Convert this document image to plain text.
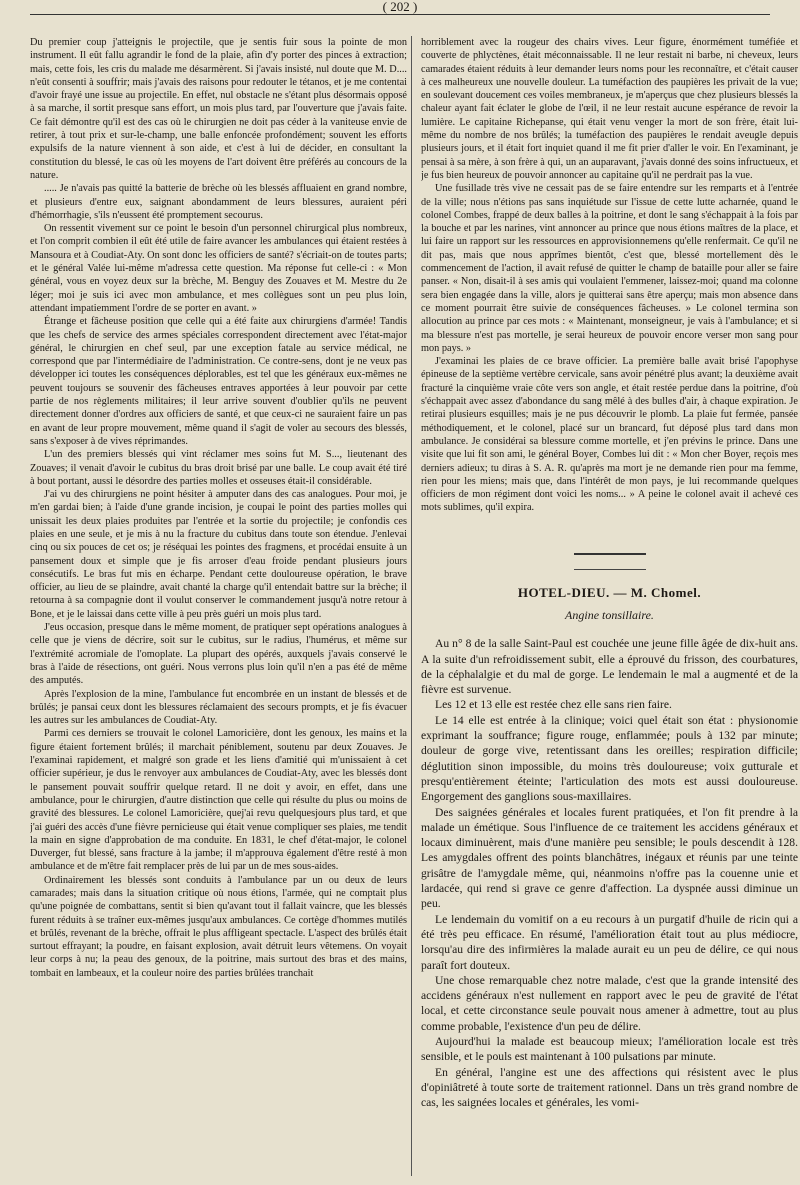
( 202 )

Du premier coup j'atteignis le projectile, que je sentis fuir sous la pointe de mon instrument. Il eût fallu agrandir le fond de la plaie, afin d'y porter des pinces à extraction; mais, cette fois, les cris du malade me désarmèrent. Si j'avais insisté, nul doute que M. D.... n'eût consenti à souffrir; mais j'avais des raisons pour redouter le tétanos, et je me contentai d'avoir frayé une issue au projectile. En effet, nul obstacle ne s'étant plus désormais opposé à sa marche, il sortit presque sans effort, un mois plus tard, par l'ouverture que j'avais faite. Ce fait démontre qu'il est des cas où le chirurgien ne doit pas céder à la vaniteuse envie de retirer, à tout prix et sur-le-champ, une balle enfoncée profondément; souvent les efforts expulsifs de la nature viennent à son aide, et c'est à lui de décider, en consultant la constitution du blessé, le cas où les moyens de l'art doivent être préférés au concours de la nature.

..... Je n'avais pas quitté la batterie de brèche où les blessés affluaient en grand nombre, et plusieurs d'entre eux, saignant abondamment de leurs blessures, auraient péri d'hémorrhagie, s'ils n'eussent été promptement secourus.

On ressentit vivement sur ce point le besoin d'un personnel chirurgical plus nombreux, et l'on comprit combien il eût été utile de faire avancer les ambulances qui étaient restées à Mansoura et à Coudiat-Aty. On sont donc les officiers de santé? s'écriait-on de toutes parts; et le général Valée lui-même m'adressa cette question. Ma réponse fut celle-ci : « Mon général, vous en voyez deux sur la brèche, M. Benguy des Zouaves et M. Mestre du 2e léger; moi je suis ici avec mon ambulance, et mes collègues sont un peu plus loin, attendant impatiemment l'ordre de se porter en avant. »

Étrange et fâcheuse position que celle qui a été faite aux chirurgiens d'armée! Tandis que les chefs de service des armes spéciales correspondent directement avec l'état-major général, le chirurgien en chef seul, par une exception fatale au service médical, ne correspond que par l'intermédiaire de l'administration. Ce contre-sens, dont je ne veux pas développer ici toutes les conséquences déplorables, est tel que les généraux eux-mêmes ne peuvent toujours se souvenir des fâcheuses entraves apportées à leur pouvoir par cette partie de nos règlements militaires; il leur arrive souvent d'oublier qu'ils ne peuvent directement donner d'ordres aux officiers de santé, et que ceux-ci ne sauraient faire un pas en avant de leur propre mouvement, même quand il s'agit de voler au secours des blessés, sans s'exposer à de vives réprimandes.

L'un des premiers blessés qui vint réclamer mes soins fut M. S..., lieutenant des Zouaves; il venait d'avoir le cubitus du bras droit brisé par une balle. Le coup avait été tiré à bout portant, aussi le désordre des parties molles et osseuses était-il considérable.

J'ai vu des chirurgiens ne point hésiter à amputer dans des cas analogues. Pour moi, je m'en gardai bien; à l'aide d'une grande incision, je coupai le point des parties molles qui unissait les deux plaies produites par l'entrée et la sortie du projectile; je confondis ces plaies en une seule, et je mis à nu la fracture du cubitus dans toute son étendue. J'enlevai cinq ou six pouces de cet os; je réséquai les pointes des fragmens, et procédai ensuite à un pansement doux et simple que je fis arroser d'eau froide pendant plusieurs jours consécutifs. Le bras fut mis en écharpe. Pendant cette douloureuse opération, le brave officier, au lieu de se plaindre, avait chanté la charge qu'il entendait battre sur la brèche; il retourna à sa compagnie dont il voulut conserver le commandement jusqu'à notre retour à Bone, et je le laissai dans cette ville à peu près guéri un mois plus tard.

J'eus occasion, presque dans le même moment, de pratiquer sept opérations analogues à celle que je viens de décrire, soit sur le cubitus, sur le radius, l'humérus, et même sur l'extrémité acromiale de l'omoplate. La plupart des opérés, auxquels j'avais conservé le bras à l'aide de résections, ont guéri. Nous verrons plus loin qu'il n'en a pas été de même des amputés.

Après l'explosion de la mine, l'ambulance fut encombrée en un instant de blessés et de brûlés; je pansai ceux dont les blessures réclamaient des secours prompts, et je fis évacuer les autres sur les ambulances de Coudiat-Aty.

Parmi ces derniers se trouvait le colonel Lamoricière, dont les genoux, les mains et la figure étaient fortement brûlés; il marchait péniblement, soutenu par deux Zouaves. Je l'examinai rapidement, et malgré son grade et les liens d'amitié qui m'unissaient à cet officier supérieur, je dus le renvoyer aux ambulances de Coudiat-Aty, avec les blessés dont le pansement pouvait souffrir quelque retard. Il ne doit y avoir, en effet, dans une ambulance, pour le chirurgien, d'autre distinction que celle qui résulte du plus ou moins de gravité des blessures. Le colonel Lamoricière, quej'ai revu quelquesjours plus tard, et que j'ai guéri des accès d'une fièvre pernicieuse qui était venue compliquer ses plaies, me tendit la main en signe d'approbation de ma conduite. En 1831, le chef d'état-major, le colonel Duverger, fut blessé, sans fracture à la jambe; il m'approuva également d'être resté à mon ambulance et de m'être fait remplacer près de lui par un de mes sous-aides.

Ordinairement les blessés sont conduits à l'ambulance par un ou deux de leurs camarades; mais dans la situation critique où nous étions, l'armée, qui ne comptait plus qu'une poignée de combattans, sentit si bien qu'avant tout il fallait vaincre, que les blessés furent réduits à se traîner eux-mêmes jusqu'aux ambulances. Ce cortège d'hommes mutilés et brûlés, revenant de la brèche, offrait le plus affligeant spectacle. L'aspect des brûlés était surtout effrayant; la poudre, en faisant explosion, avait détruit leurs vêtemens. On voyait leur corps à nu; la peau des genoux, de la poitrine, mais surtout des bras et des mains, tombait en lambeaux, et la couleur noire des parties brûlées tranchait

horriblement avec la rougeur des chairs vives. Leur figure, énormément tuméfiée et couverte de phlyctènes, était méconnaissable. Il ne leur restait ni barbe, ni cheveux, leurs camarades étaient réduits à leur demander leurs noms pour les reconnaître, et c'était causer à ces malheureux une nouvelle douleur. La tuméfaction des paupières les privait de la vue; en soulevant doucement ces voiles membraneux, je m'aperçus que chez plusieurs blessés la chaleur ayant fait éclater le globe de l'œil, il ne leur restait aucune espérance de revoir la lumière. Le capitaine Richepanse, qui était venu venger la mort de son frère, était lui-même du nombre de nos brûlés; la tuméfaction des paupières le rendait aveugle depuis plusieurs jours, et il était fort inquiet quand il me fit prier d'aller le voir. En l'examinant, je pensai à sa mère, à son frère à qui, un an auparavant, j'avais donné des soins infructueux, et je fus bien heureux de pouvoir annoncer au capitaine qu'il ne perdrait pas la vue.

Une fusillade très vive ne cessait pas de se faire entendre sur les remparts et à l'entrée de la ville; nous n'étions pas sans inquiétude sur l'issue de cette lutte acharnée, quand le colonel Combes, frappé de deux balles à la poitrine, et dont le sang s'échappait à la fois par la bouche et par les narines, vint annoncer au prince que nous étions maîtres de la place, et lui faire un rapport sur les ressources en approvisionnemens qu'elle renfermait. Ce qu'il ne dit pas, mais que nous apprîmes bientôt, c'est que, blessé mortellement dès le commencement de l'action, il avait refusé de quitter le champ de bataille pour aller se faire panser. « Non, disait-il à ses amis qui voulaient l'emmener, laissez-moi; quand ma colonne sera bien engagée dans la ville, alors je quitterai sans être aperçu; mais mon absence dans ce moment pourrait être suivie de conséquences fâcheuses. » Le colonel termina son allocution au prince par ces mots : « Maintenant, monseigneur, je vais à l'ambulance; et si ma blessure n'est pas mortelle, je serai heureux de pouvoir encore verser mon sang pour mon pays. »

J'examinai les plaies de ce brave officier. La première balle avait brisé l'apophyse épineuse de la septième vertèbre cervicale, sans avoir pénétré plus avant; la deuxième avait fracturé la cinquième vraie côte vers son angle, et était restée perdue dans la poitrine, d'où s'échappait avec assez d'abondance du sang mêlé à des bulles d'air, à chaque expiration. Je retirai plusieurs esquilles; mais je ne pus découvrir le plomb. La plaie fut fermée, pansée méthodiquement, et le colonel, placé sur un brancard, fut déposé plus tard dans mon ambulance. Je considérai sa blessure comme mortelle, et j'en prévins le prince. Dans une visite que lui fit son ami, le général Boyer, Combes lui dit : « Mon cher Boyer, reçois mes derniers adieux; tu diras à S. A. R. qu'après ma mort je ne demande rien pour ma femme, rien pour les miens; mais que, dans l'intérêt de mon pays, je lui recommande quelques officiers de mon régiment dont voici les noms... » A peine le colonel avait il achevé ces mots sublimes, qu'il expira.

HOTEL-DIEU. — M. Chomel.
Angine tonsillaire.

Au n° 8 de la salle Saint-Paul est couchée une jeune fille âgée de dix-huit ans. A la suite d'un refroidissement subit, elle a éprouvé du frisson, des courbatures, de la céphalalgie et du mal de gorge. Le lendemain le mal a augmenté et de la fièvre est survenue.

Les 12 et 13 elle est restée chez elle sans rien faire.

Le 14 elle est entrée à la clinique; voici quel était son état : physionomie exprimant la souffrance; figure rouge, enflammée; pouls à 132 par minute; douleur de gorge vive, retentissant dans les oreilles; respiration difficile; déglutition sinon impossible, du moins très douloureuse; voix gutturale et presqu'entièrement éteinte; l'articulation des mots est aussi douloureuse. Engorgement des ganglions sous-maxillaires.

Des saignées générales et locales furent pratiquées, et l'on fit prendre à la malade un émétique. Sous l'influence de ce traitement les accidens généraux et locaux diminuèrent, mais d'une manière peu sensible; le pouls descendit à 128. Les amygdales offrent des points blanchâtres, inégaux et réunis par une teinte grisâtre de l'amygdale même, qui, néanmoins n'offre pas la couenne unie et lardacée, qui rend si grave ce genre d'affection. La dyspnée aussi diminue un peu.

Le lendemain du vomitif on a eu recours à un purgatif d'huile de ricin qui a été très peu efficace. En résumé, l'amélioration était tout au plus médiocre, lorsqu'au dire des infirmières la malade aurait eu un peu de délire, ce qui nous paraît fort douteux.

Une chose remarquable chez notre malade, c'est que la grande intensité des accidens généraux n'est nullement en rapport avec le peu de gravité de l'état local, et cette circonstance seule pouvait nous amener à admettre, tout au plus comme probable, l'existence d'un peu de délire.

Aujourd'hui la malade est beaucoup mieux; l'amélioration locale est très sensible, et le pouls est maintenant à 100 pulsations par minute.

En général, l'angine est une des affections qui résistent avec le plus d'opiniâtreté à toute sorte de traitement rationnel. Dans un très grand nombre de cas, les saignées locales et générales, les vomi-
